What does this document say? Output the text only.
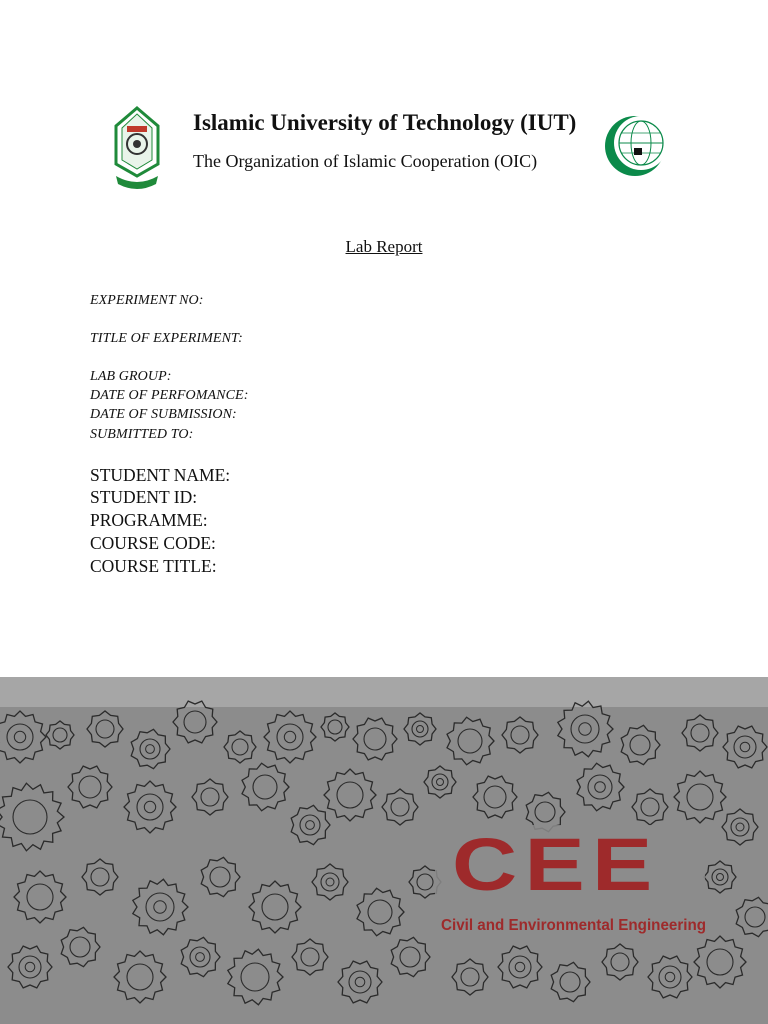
Islamic University of Technology (IUT)
The Organization of Islamic Cooperation (OIC)
Lab Report
EXPERIMENT NO:
TITLE OF EXPERIMENT:
LAB GROUP:
DATE OF PERFOMANCE:
DATE OF SUBMISSION:
SUBMITTED TO:
STUDENT NAME:
STUDENT ID:
PROGRAMME:
COURSE CODE:
COURSE TITLE:
CEE
Civil and Environmental Engineering
